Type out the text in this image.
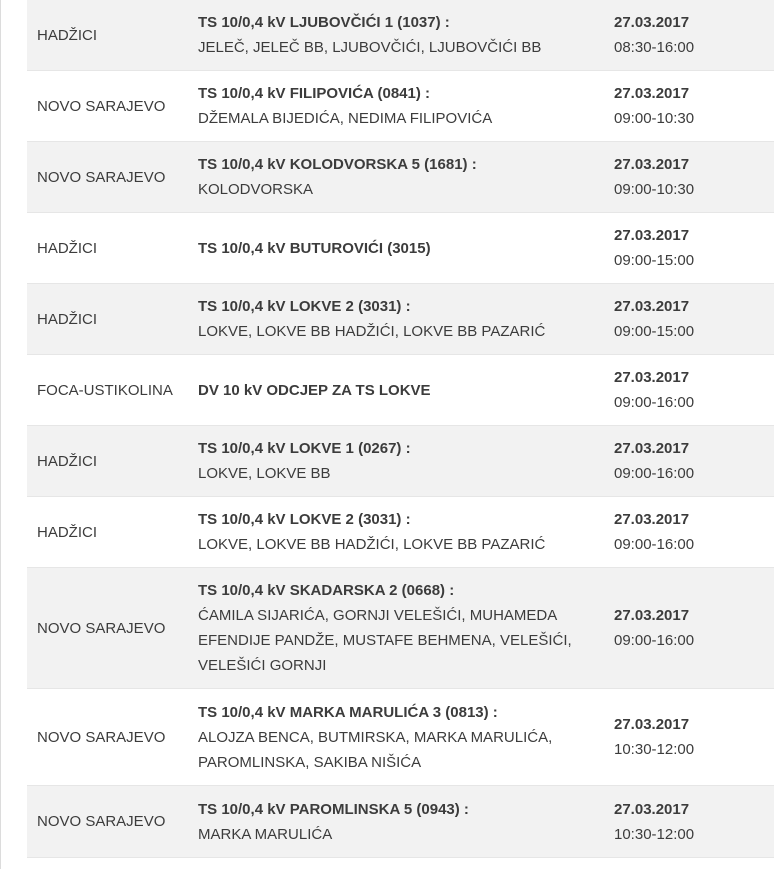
HADŽICI
TS 10/0,4 kV LJUBOVČIĆI 1 (1037) :
JELEČ, JELEČ BB, LJUBOVČIĆI, LJUBOVČIĆI BB
27.03.2017
08:30-16:00
NOVO SARAJEVO
TS 10/0,4 kV FILIPOVIĆA (0841) :
DŽEMALA BIJEDIĆA, NEDIMA FILIPOVIĆA
27.03.2017
09:00-10:30
NOVO SARAJEVO
TS 10/0,4 kV KOLODVORSKA 5 (1681) :
KOLODVORSKA
27.03.2017
09:00-10:30
HADŽICI	TS 10/0,4 kV BUTUROVIĆI (3015)
27.03.2017
09:00-15:00
HADŽICI
TS 10/0,4 kV LOKVE 2 (3031) :
LOKVE, LOKVE BB HADŽIĆI, LOKVE BB PAZARIĆ
27.03.2017
09:00-15:00
FOCA-USTIKOLINA	DV 10 kV ODCJEP ZA TS LOKVE
27.03.2017
09:00-16:00
HADŽICI
TS 10/0,4 kV LOKVE 1 (0267) :
LOKVE, LOKVE BB
27.03.2017
09:00-16:00
HADŽICI
TS 10/0,4 kV LOKVE 2 (3031) :
LOKVE, LOKVE BB HADŽIĆI, LOKVE BB PAZARIĆ
27.03.2017
09:00-16:00
NOVO SARAJEVO
TS 10/0,4 kV SKADARSKA 2 (0668) :
ĆAMILA SIJARIĆA, GORNJI VELEŠIĆI, MUHAMEDA EFENDIJE PANDŽE, MUSTAFE BEHMENA, VELEŠIĆI, VELEŠIĆI GORNJI
27.03.2017
09:00-16:00
NOVO SARAJEVO
TS 10/0,4 kV MARKA MARULIĆA 3 (0813) :
ALOJZA BENCA, BUTMIRSKA, MARKA MARULIĆA, PAROMLINSKA, SAKIBA NIŠIĆA
27.03.2017
10:30-12:00
NOVO SARAJEVO
TS 10/0,4 kV PAROMLINSKA 5 (0943) :
MARKA MARULIĆA
27.03.2017
10:30-12:00
